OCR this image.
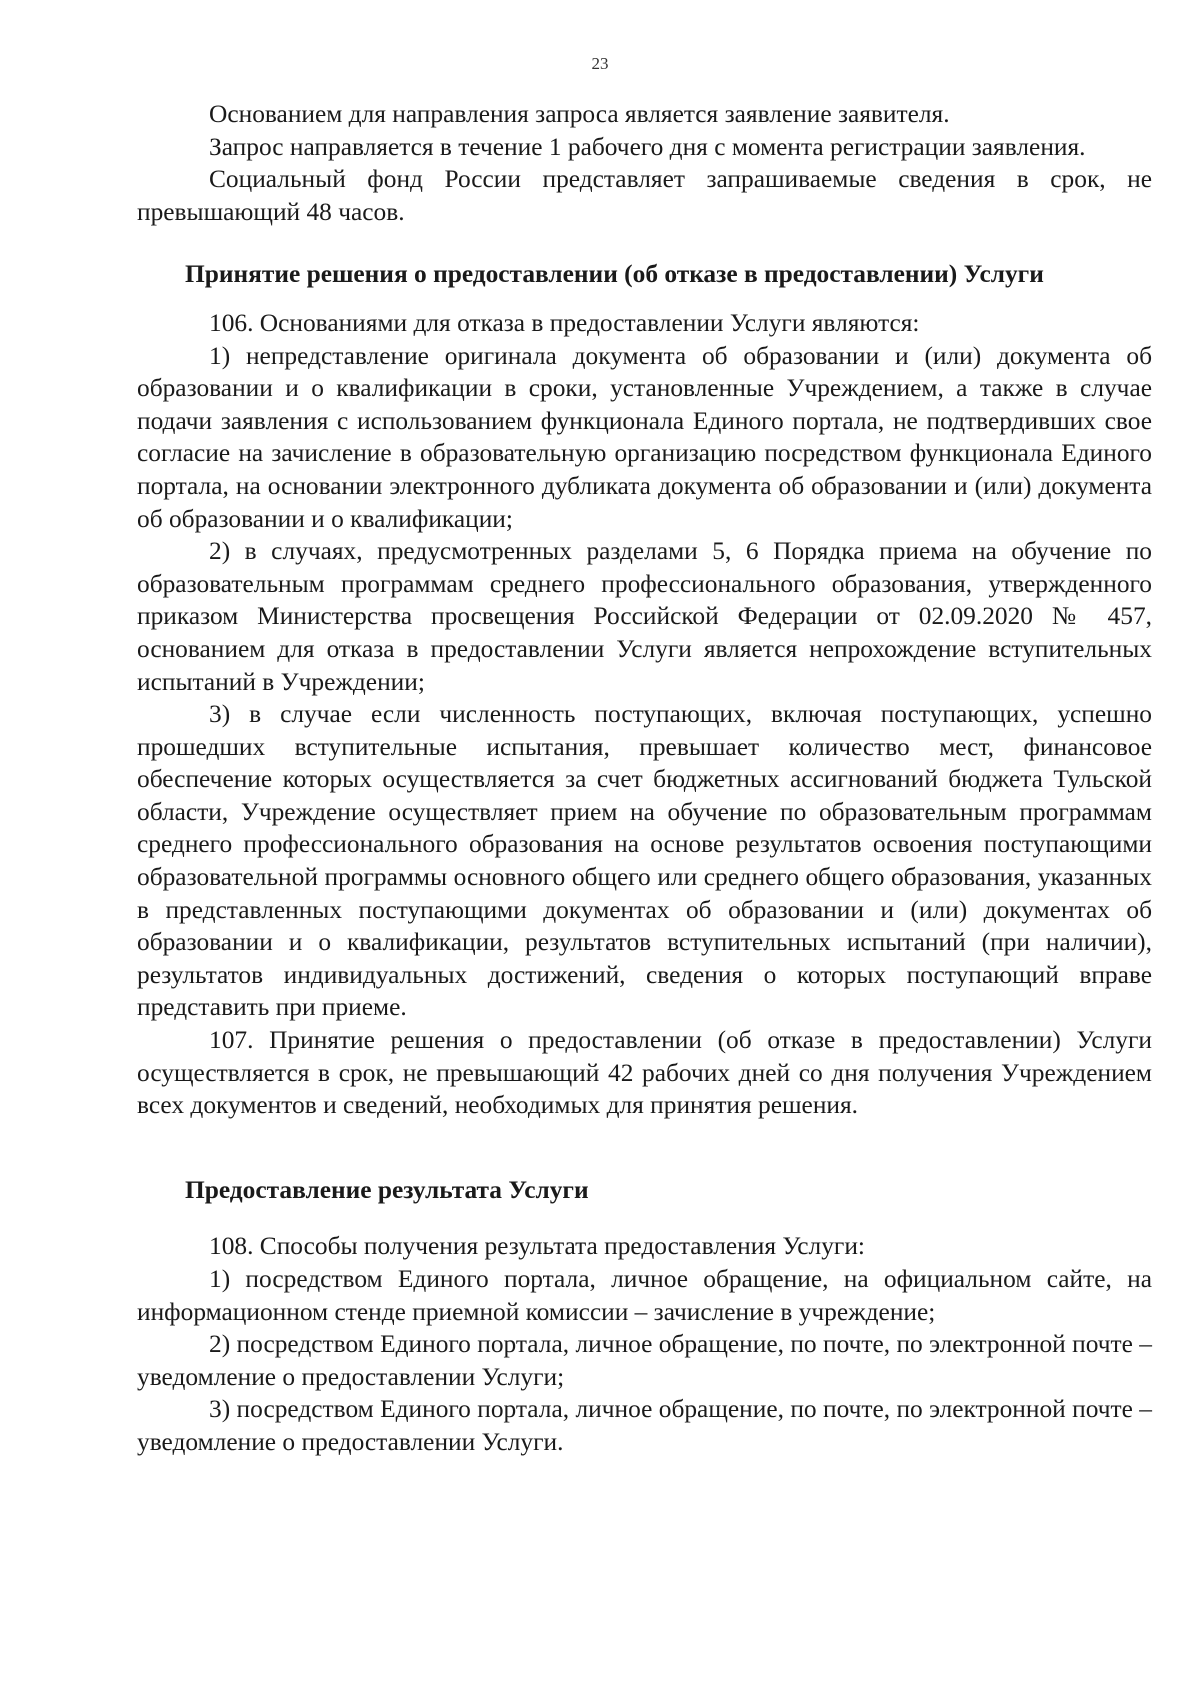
23

Основанием для направления запроса является заявление заявителя.

Запрос направляется в течение 1 рабочего дня с момента регистрации заявления.

Социальный фонд России представляет запрашиваемые сведения в срок, не превышающий 48 часов.

Принятие решения о предоставлении (об отказе в предоставлении) Услуги

106. Основаниями для отказа в предоставлении Услуги являются:

1) непредставление оригинала документа об образовании и (или) документа об образовании и о квалификации в сроки, установленные Учреждением, а также в случае подачи заявления с использованием функционала Единого портала, не подтвердивших свое согласие на зачисление в образовательную организацию посредством функционала Единого портала, на основании электронного дубликата документа об образовании и (или) документа об образовании и о квалификации;

2) в случаях, предусмотренных разделами 5, 6 Порядка приема на обучение по образовательным программам среднего профессионального образования, утвержденного приказом Министерства просвещения Российской Федерации от 02.09.2020 № 457, основанием для отказа в предоставлении Услуги является непрохождение вступительных испытаний в Учреждении;

3) в случае если численность поступающих, включая поступающих, успешно прошедших вступительные испытания, превышает количество мест, финансовое обеспечение которых осуществляется за счет бюджетных ассигнований бюджета Тульской области, Учреждение осуществляет прием на обучение по образовательным программам среднего профессионального образования на основе результатов освоения поступающими образовательной программы основного общего или среднего общего образования, указанных в представленных поступающими документах об образовании и (или) документах об образовании и о квалификации, результатов вступительных испытаний (при наличии), результатов индивидуальных достижений, сведения о которых поступающий вправе представить при приеме.

107. Принятие решения о предоставлении (об отказе в предоставлении) Услуги осуществляется в срок, не превышающий 42 рабочих дней со дня получения Учреждением всех документов и сведений, необходимых для принятия решения.

Предоставление результата Услуги

108. Способы получения результата предоставления Услуги:

1) посредством Единого портала, личное обращение, на официальном сайте, на информационном стенде приемной комиссии – зачисление в учреждение;

2) посредством Единого портала, личное обращение, по почте, по электронной почте – уведомление о предоставлении Услуги;

3) посредством Единого портала, личное обращение, по почте, по электронной почте – уведомление о предоставлении Услуги.
